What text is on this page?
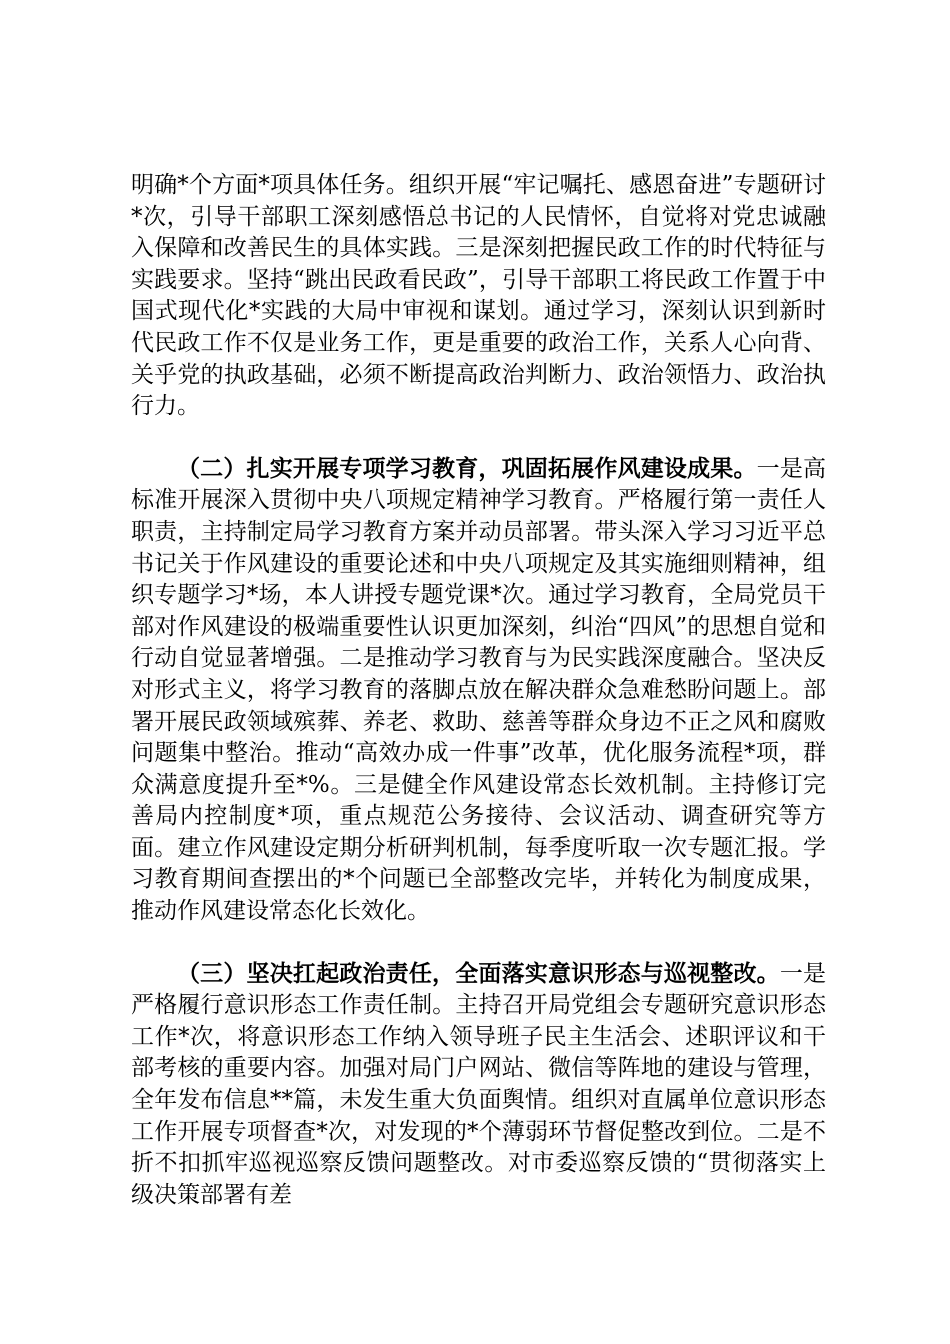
明确*个方面*项具体任务。组织开展“牢记嘱托、感恩奋进”专题研讨*次，引导干部职工深刻感悟总书记的人民情怀，自觉将对党忠诚融入保障和改善民生的具体实践。三是深刻把握民政工作的时代特征与实践要求。坚持“跳出民政看民政”，引导干部职工将民政工作置于中国式现代化*实践的大局中审视和谋划。通过学习，深刻认识到新时代民政工作不仅是业务工作，更是重要的政治工作，关系人心向背、关乎党的执政基础，必须不断提高政治判断力、政治领悟力、政治执行力。

（二）扎实开展专项学习教育，巩固拓展作风建设成果。一是高标准开展深入贯彻中央八项规定精神学习教育。严格履行第一责任人职责，主持制定局学习教育方案并动员部署。带头深入学习习近平总书记关于作风建设的重要论述和中央八项规定及其实施细则精神，组织专题学习*场，本人讲授专题党课*次。通过学习教育，全局党员干部对作风建设的极端重要性认识更加深刻，纠治“四风”的思想自觉和行动自觉显著增强。二是推动学习教育与为民实践深度融合。坚决反对形式主义，将学习教育的落脚点放在解决群众急难愁盼问题上。部署开展民政领域殡葬、养老、救助、慈善等群众身边不正之风和腐败问题集中整治。推动“高效办成一件事”改革，优化服务流程*项，群众满意度提升至*%。三是健全作风建设常态长效机制。主持修订完善局内控制度*项，重点规范公务接待、会议活动、调查研究等方面。建立作风建设定期分析研判机制，每季度听取一次专题汇报。学习教育期间查摆出的*个问题已全部整改完毕，并转化为制度成果，推动作风建设常态化长效化。

（三）坚决扛起政治责任，全面落实意识形态与巡视整改。一是严格履行意识形态工作责任制。主持召开局党组会专题研究意识形态工作*次，将意识形态工作纳入领导班子民主生活会、述职评议和干部考核的重要内容。加强对局门户网站、微信等阵地的建设与管理，全年发布信息**篇，未发生重大负面舆情。组织对直属单位意识形态工作开展专项督查*次，对发现的*个薄弱环节督促整改到位。二是不折不扣抓牢巡视巡察反馈问题整改。对市委巡察反馈的“贯彻落实上级决策部署有差
